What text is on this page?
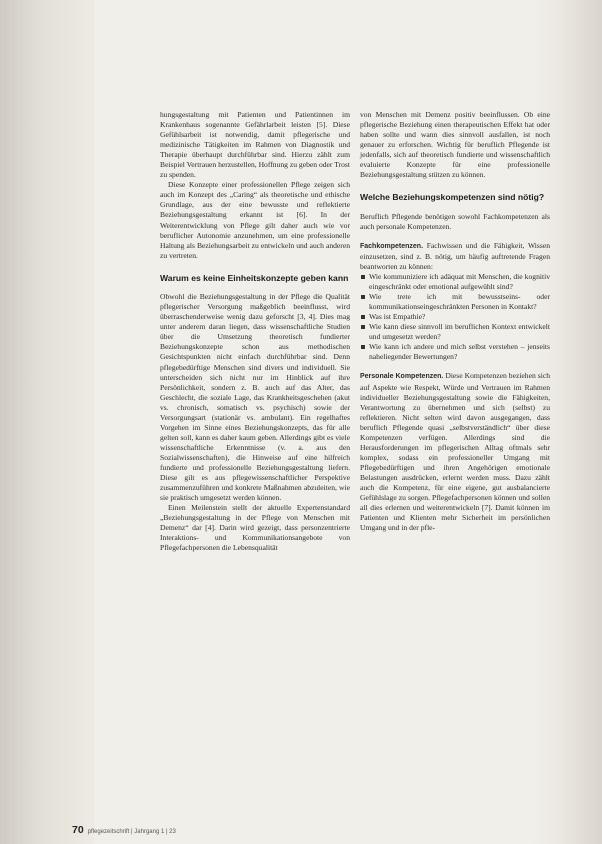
hungsgestaltung mit Patienten und Patientinnen im Krankenhaus sogenannte Gefährlarbeit leisten [5]. Diese Gefühlsarbeit ist notwendig, damit pflegerische und medizinische Tätigkeiten im Rahmen von Diagnostik und Therapie überhaupt durchführbar sind. Hierzu zählt zum Beispiel Vertrauen herzustellen, Hoffnung zu geben oder Trost zu spenden.

Diese Konzepte einer professionellen Pflege zeigen sich auch im Konzept des „Caring“ als theoretische und ethische Grundlage, aus der eine bewusste und reflektierte Beziehungsgestaltung erkannt ist [6]. In der Weiterentwicklung von Pflege gilt daher auch wie vor beruflicher Autonomie anzunehmen, um eine professionelle Haltung als Beziehungsarbeit zu entwickeln und auch anderen zu vertreten.

Warum es keine Einheitskonzepte geben kann

Obwohl die Beziehungsgestaltung in der Pflege die Qualität pflegerischer Versorgung maßgeblich beeinflusst, wird überraschenderweise wenig dazu geforscht [3, 4]. Dies mag unter anderem daran liegen, dass wissenschaftliche Studien über die Umsetzung theoretisch fundierter Beziehungskonzepte schon aus methodischen Gesichtspunkten nicht einfach durchführbar sind. Denn pflegebedürftige Menschen sind divers und individuell. Sie unterscheiden sich nicht nur im Hinblick auf ihre Persönlichkeit, sondern z. B. auch auf das Alter, das Geschlecht, die soziale Lage, das Krankheitsgeschehen (akut vs. chronisch, somatisch vs. psychisch) sowie der Versorgungsart (stationär vs. ambulant). Ein regelhaftes Vorgehen im Sinne eines Beziehungskonzepts, das für alle gelten soll, kann es daher kaum geben. Allerdings gibt es viele wissenschaftliche Erkenntnisse (v. a. aus den Sozialwissenschaften), die Hinweise auf eine hilfreich fundierte und professionelle Beziehungsgestaltung liefern. Diese gilt es aus pflegewissenschaftlicher Perspektive zusammenzuführen und konkrete Maßnahmen abzuleiten, wie sie praktisch umgesetzt werden können.

Einen Meilenstein stellt der aktuelle Expertenstandard „Beziehungsgestaltung in der Pflege von Menschen mit Demenz“ dar [4]. Darin wird gezeigt, dass personzentrierte Interaktions- und Kommunikationsangebote von Pflegefachpersonen die Lebensqualität

von Menschen mit Demenz positiv beeinflussen. Ob eine pflegerische Beziehung einen therapeutischen Effekt hat oder haben sollte und wann dies sinnvoll ausfallen, ist noch genauer zu erforschen. Wichtig für beruflich Pflegende ist jedenfalls, sich auf theoretisch fundierte und wissenschaftlich evaluierte Konzepte für eine professionelle Beziehungsgestaltung stützen zu können.

Welche Beziehungskompetenzen sind nötig?

Beruflich Pflegende benötigen sowohl Fachkompetenzen als auch personale Kompetenzen.

Fachkompetenzen. Fachwissen und die Fähigkeit, Wissen einzusetzen, sind z. B. nötig, um häufig auftretende Fragen beantworten zu können:

Wie kommuniziere ich adäquat mit Menschen, die kognitiv eingeschränkt oder emotional aufgewühlt sind?
Wie trete ich mit bewusstseins- oder kommunikationseingeschränkten Personen in Kontakt?
Was ist Empathie?
Wie kann diese sinnvoll im beruflichen Kontext entwickelt und umgesetzt werden?
Wie kann ich andere und mich selbst verstehen – jenseits naheliegender Bewertungen?

Personale Kompetenzen. Diese Kompetenzen beziehen sich auf Aspekte wie Respekt, Würde und Vertrauen im Rahmen individueller Beziehungsgestaltung sowie die Fähigkeiten, Verantwortung zu übernehmen und sich (selbst) zu reflektieren. Nicht selten wird davon ausgegangen, dass beruflich Pflegende quasi „selbstverständlich“ über diese Kompetenzen verfügen. Allerdings sind die Herausforderungen im pflegerischen Alltag oftmals sehr komplex, sodass ein professioneller Umgang mit Pflegebedürftigen und ihren Angehörigen emotionale Belastungen ausdrücken, erlernt werden muss. Dazu zählt auch die Kompetenz, für eine eigene, gut ausbalancierte Gefühlslage zu sorgen. Pflegefachpersonen können und sollen all dies erlernen und weiterentwickeln [7]. Damit können im Patienten und Klienten mehr Sicherheit im persönlichen Umgang und in der pfle-

70 pflegezeitschrift | Jahrgang 1 | 23
